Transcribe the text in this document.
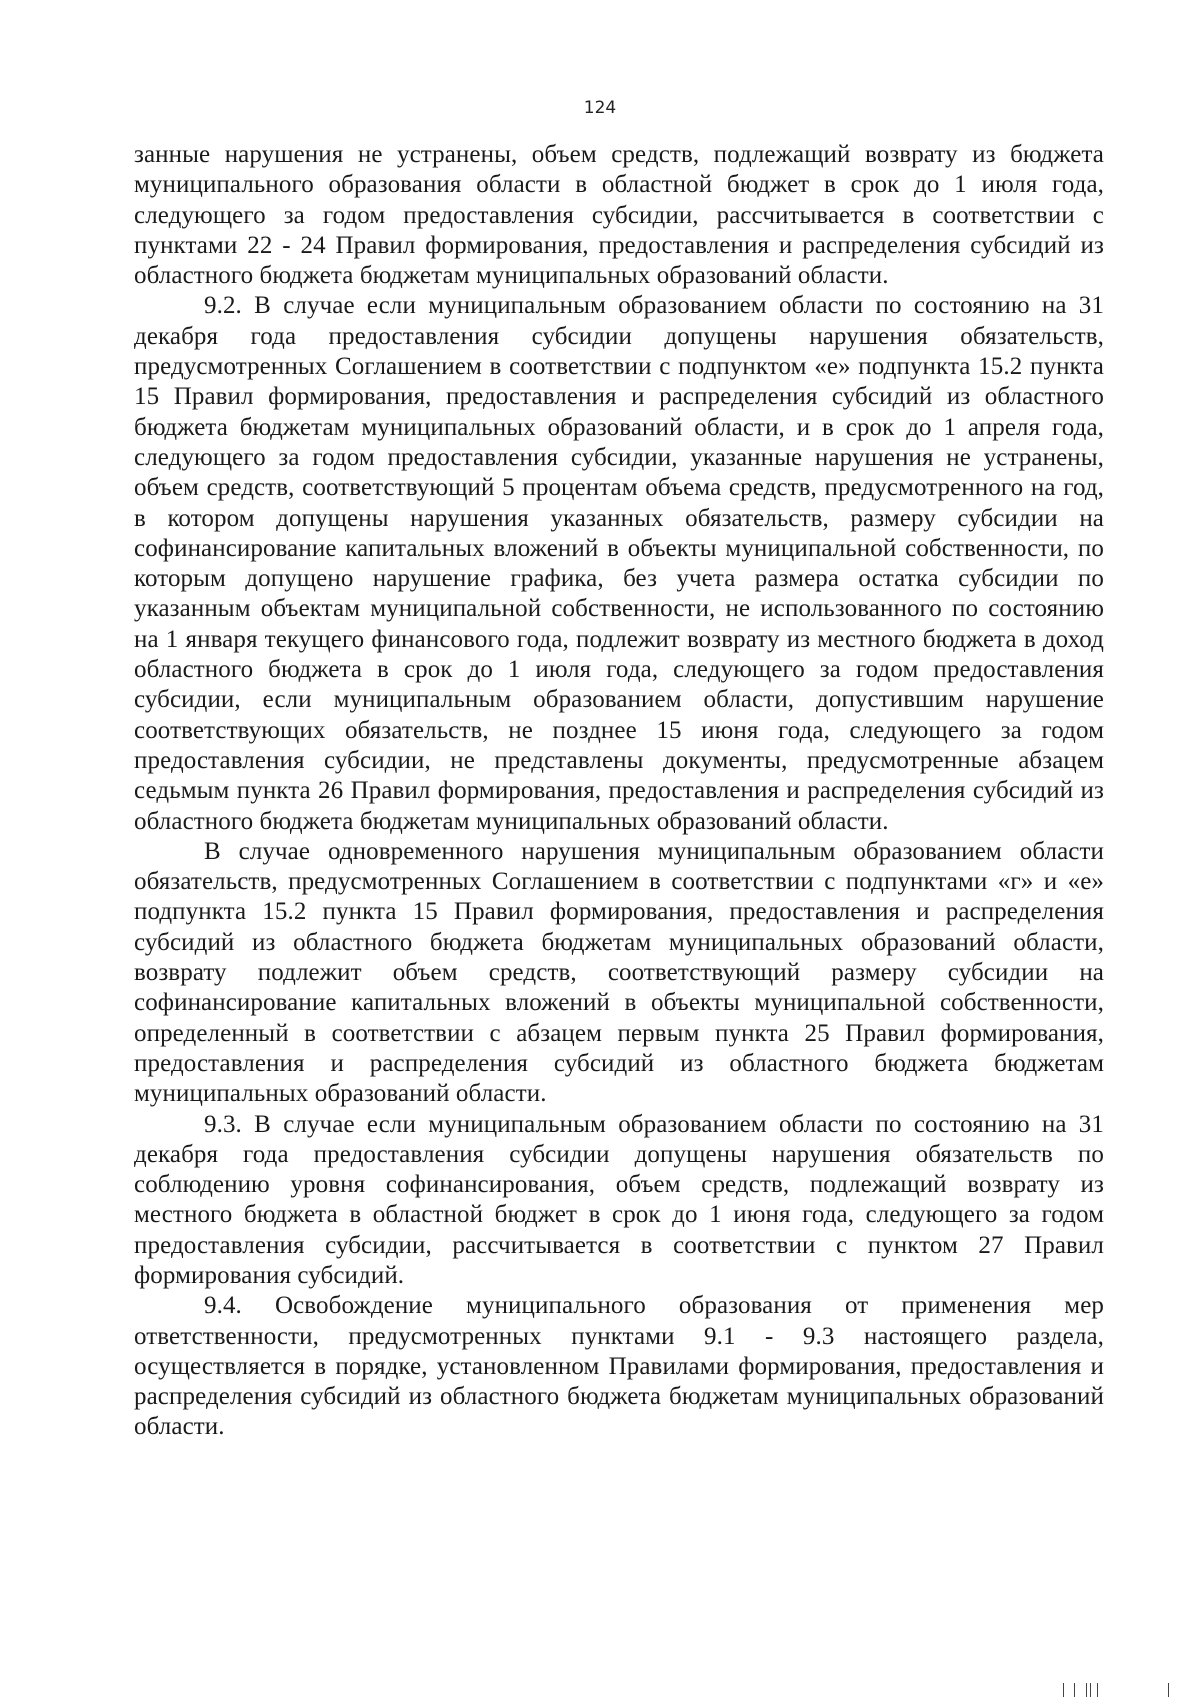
124

занные нарушения не устранены, объем средств, подлежащий возврату из бюджета муниципального образования области в областной бюджет в срок до 1 июля года, следующего за годом предоставления субсидии, рассчитывается в соответствии с пунктами 22 - 24 Правил формирования, предоставления и распределения субсидий из областного бюджета бюджетам муниципальных образований области.

9.2. В случае если муниципальным образованием области по состоянию на 31 декабря года предоставления субсидии допущены нарушения обязательств, предусмотренных Соглашением в соответствии с подпунктом «е» подпункта 15.2 пункта 15 Правил формирования, предоставления и распределения субсидий из областного бюджета бюджетам муниципальных образований области, и в срок до 1 апреля года, следующего за годом предоставления субсидии, указанные нарушения не устранены, объем средств, соответствующий 5 процентам объема средств, предусмотренного на год, в котором допущены нарушения указанных обязательств, размеру субсидии на софинансирование капитальных вложений в объекты муниципальной собственности, по которым допущено нарушение графика, без учета размера остатка субсидии по указанным объектам муниципальной собственности, не использованного по состоянию на 1 января текущего финансового года, подлежит возврату из местного бюджета в доход областного бюджета в срок до 1 июля года, следующего за годом предоставления субсидии, если муниципальным образованием области, допустившим нарушение соответствующих обязательств, не позднее 15 июня года, следующего за годом предоставления субсидии, не представлены документы, предусмотренные абзацем седьмым пункта 26 Правил формирования, предоставления и распределения субсидий из областного бюджета бюджетам муниципальных образований области.

В случае одновременного нарушения муниципальным образованием области обязательств, предусмотренных Соглашением в соответствии с подпунктами «г» и «е» подпункта 15.2 пункта 15 Правил формирования, предоставления и распределения субсидий из областного бюджета бюджетам муниципальных образований области, возврату подлежит объем средств, соответствующий размеру субсидии на софинансирование капитальных вложений в объекты муниципальной собственности, определенный в соответствии с абзацем первым пункта 25 Правил формирования, предоставления и распределения субсидий из областного бюджета бюджетам муниципальных образований области.

9.3. В случае если муниципальным образованием области по состоянию на 31 декабря года предоставления субсидии допущены нарушения обязательств по соблюдению уровня софинансирования, объем средств, подлежащий возврату из местного бюджета в областной бюджет в срок до 1 июня года, следующего за годом предоставления субсидии, рассчитывается в соответствии с пунктом 27 Правил формирования субсидий.

9.4. Освобождение муниципального образования от применения мер ответственности, предусмотренных пунктами 9.1 - 9.3 настоящего раздела, осуществляется в порядке, установленном Правилами формирования, предоставления и распределения субсидий из областного бюджета бюджетам муниципальных образований области.
